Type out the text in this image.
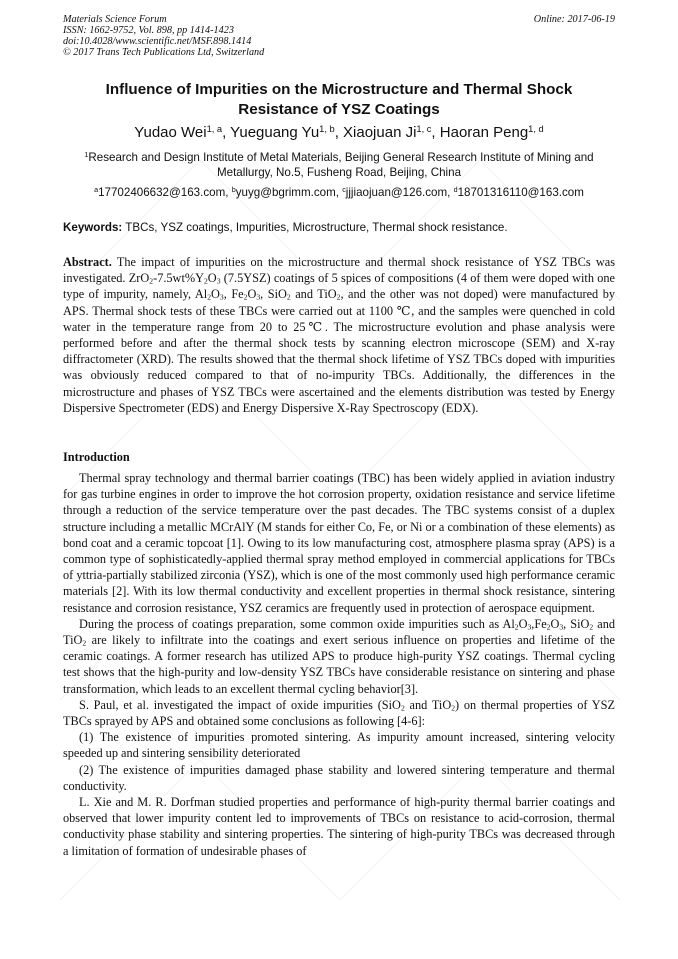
Materials Science Forum
ISSN: 1662-9752, Vol. 898, pp 1414-1423
doi:10.4028/www.scientific.net/MSF.898.1414
© 2017 Trans Tech Publications Ltd, Switzerland
Online: 2017-06-19
Influence of Impurities on the Microstructure and Thermal Shock
Resistance of YSZ Coatings
Yudao Wei$^{1, a}$, Yueguang Yu$^{1, b}$, Xiaojuan Ji$^{1, c}$, Haoran Peng$^{1, d}$
$^1$Research and Design Institute of Metal Materials, Beijing General Research Institute of Mining and
Metallurgy, No.5, Fusheng Road, Beijing, China
$^a$17702406632@163.com, $^b$yuyg@bgrimm.com, $^c$jjjiaojuan@126.com, $^d$18701316110@163.com
Keywords: TBCs, YSZ coatings, Impurities, Microstructure, Thermal shock resistance.
Abstract. The impact of impurities on the microstructure and thermal shock resistance of YSZ TBCs was investigated. $ZrO_2-7.5wt\%Y_2O_3$ (7.5YSZ) coatings of 5 spices of compositions (4 of them were doped with one type of impurity, namely, $Al_2O_3$, $Fe_2O_3$, SiO$_2$ and TiO$_2$, and the other was not doped) were manufactured by APS. Thermal shock tests of these TBCs were carried out at 1100 ℃, and the samples were quenched in cold water in the temperature range from 20 to 25℃. The microstructure evolution and phase analysis were performed before and after the thermal shock tests by scanning electron microscope (SEM) and X-ray diffractometer (XRD). The results showed that the thermal shock lifetime of YSZ TBCs doped with impurities was obviously reduced compared to that of no-impurity TBCs. Additionally, the differences in the microstructure and phases of YSZ TBCs were ascertained and the elements distribution was tested by Energy Dispersive Spectrometer (EDS) and Energy Dispersive X-Ray Spectroscopy (EDX).
Introduction

Thermal spray technology and thermal barrier coatings (TBC) has been widely applied in aviation industry for gas turbine engines in order to improve the hot corrosion property, oxidation resistance and service lifetime through a reduction of the service temperature over the past decades. The TBC systems consist of a duplex structure including a metallic MCrAlY (M stands for either Co, Fe, or Ni or a combination of these elements) as bond coat and a ceramic topcoat [1]. Owing to its low manufacturing cost, atmosphere plasma spray (APS) is a common type of sophisticatedly-applied thermal spray method employed in commercial applications for TBCs of yttria-partially stabilized zirconia (YSZ), which is one of the most commonly used high performance ceramic materials [2]. With its low thermal conductivity and excellent properties in thermal shock resistance, sintering resistance and corrosion resistance, YSZ ceramics are frequently used in protection of aerospace equipment.

During the process of coatings preparation, some common oxide impurities such as $Al_2O_3,Fe_2O_3$, SiO$_2$ and TiO$_2$ are likely to infiltrate into the coatings and exert serious influence on properties and lifetime of the ceramic coatings. A former research has utilized APS to produce high-purity YSZ coatings. Thermal cycling test shows that the high-purity and low-density YSZ TBCs have considerable resistance on sintering and phase transformation, which leads to an excellent thermal cycling behavior[3].

S. Paul, et al. investigated the impact of oxide impurities (SiO$_2$ and TiO$_2$) on thermal properties of YSZ TBCs sprayed by APS and obtained some conclusions as following [4-6]:

(1) The existence of impurities promoted sintering. As impurity amount increased, sintering velocity speeded up and sintering sensibility deteriorated

(2) The existence of impurities damaged phase stability and lowered sintering temperature and thermal conductivity.

L. Xie and M. R. Dorfman studied properties and performance of high-purity thermal barrier coatings and observed that lower impurity content led to improvements of TBCs on resistance to acid-corrosion, thermal conductivity phase stability and sintering properties. The sintering of high-purity TBCs was decreased through a limitation of formation of undesirable phases of
